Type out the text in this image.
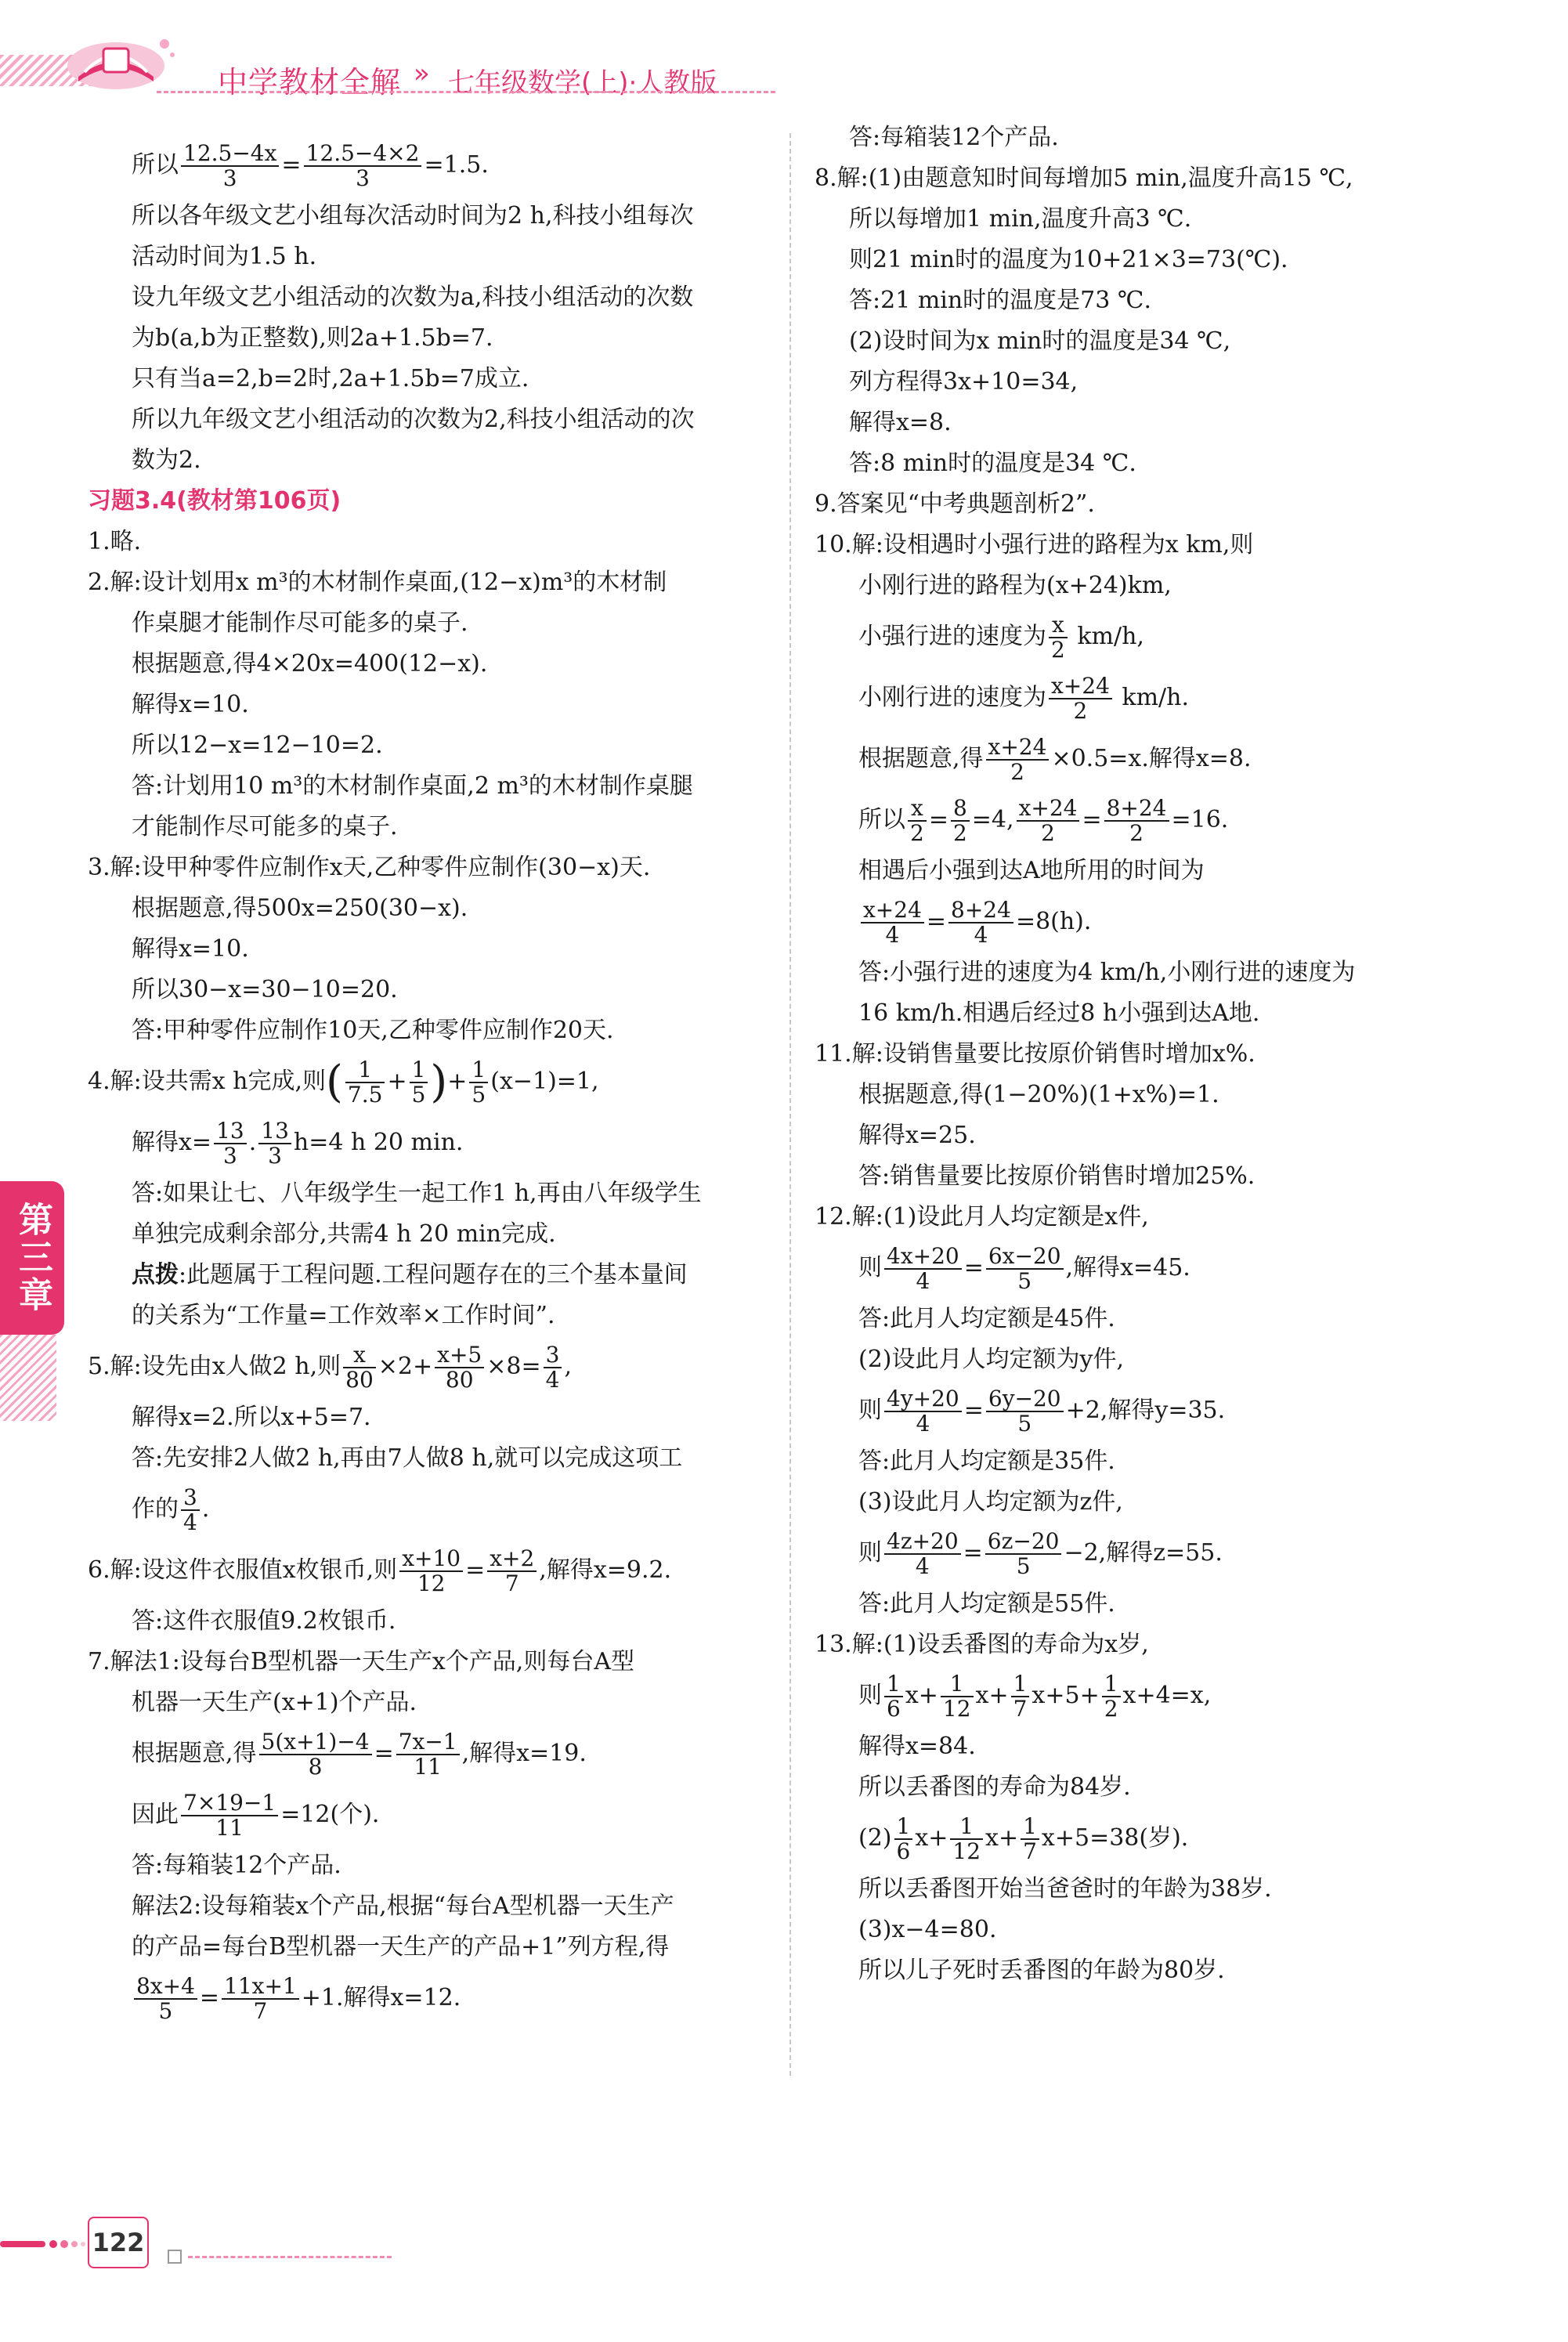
中学教材全解 » 七年级数学(上)·人教版
第三章
所以 $\frac{12.5-4x}{3} = \frac{12.5-4\times 2}{3} =1.5$.
所以各年级文艺小组每次活动时间为2 h,科技小组每次
活动时间为1.5 h.
设九年级文艺小组活动的次数为a,科技小组活动的次数
为b(a,b为正整数),则2a+1.5b=7.
只有当a=2,b=2时,2a+1.5b=7成立.
所以九年级文艺小组活动的次数为2,科技小组活动的次
数为2.
习题3.4(教材第106页)
1.略.
2.解:设计划用x m³的木材制作桌面,(12−x)m³的木材制
作桌腿才能制作尽可能多的桌子.
根据题意,得4×20x=400(12−x).
解得x=10.
所以12−x=12−10=2.
答:计划用10 m³的木材制作桌面,2 m³的木材制作桌腿
才能制作尽可能多的桌子.
3.解:设甲种零件应制作x天,乙种零件应制作(30−x)天.
根据题意,得500x=250(30−x).
解得x=10.
所以30−x=30−10=20.
答:甲种零件应制作10天,乙种零件应制作20天.
4.解:设共需x h完成,则( $\frac{1}{7.5} + \frac{1}{5}$ )+ $\frac{1}{5} (x-1)=1$,
解得$x= \frac{13}{3}$ . $\frac{13}{3} h=4$ h 20 min.
答:如果让七、八年级学生一起工作1 h,再由八年级学生
单独完成剩余部分,共需4 h 20 min完成.
点拨:此题属于工程问题.工程问题存在的三个基本量间
的关系为“工作量=工作效率×工作时间”.
5.解:设先由x人做2 h,则 $\frac{x}{80} \times 2+ \frac{x+5}{80} \times 8= \frac{3}{4}$ ,
解得x=2.所以x+5=7.
答:先安排2人做2 h,再由7人做8 h,就可以完成这项工
作的 $\frac{3}{4}$ .
6.解:设这件衣服值x枚银币,则 $\frac{x+10}{12} = \frac{x+2}{7}$ ,解得x=9.2.
答:这件衣服值9.2枚银币.
7.解法1:设每台B型机器一天生产x个产品,则每台A型
机器一天生产(x+1)个产品.
根据题意,得 $\frac{5(x+1)-4}{8} = \frac{7x-1}{11}$ ,解得x=19.
因此 $\frac{7\times 19-1}{11} =12$(个).
答:每箱装12个产品.
解法2:设每箱装x个产品,根据“每台A型机器一天生产
的产品=每台B型机器一天生产的产品+1”列方程,得
$\frac{8x+4}{5} = \frac{11x+1}{7} +1$.解得x=12.
答:每箱装12个产品.
8.解:(1)由题意知时间每增加5 min,温度升高15 ℃,
所以每增加1 min,温度升高3 ℃.
则21 min时的温度为10+21×3=73(℃).
答:21 min时的温度是73 ℃.
(2)设时间为x min时的温度是34 ℃,
列方程得3x+10=34,
解得x=8.
答:8 min时的温度是34 ℃.
9.答案见“中考典题剖析2”.
10.解:设相遇时小强行进的路程为x km,则
小刚行进的路程为(x+24)km,
小强行进的速度为 $\frac{x}{2} km/h$,
小刚行进的速度为 $\frac{x+24}{2} km/h$.
根据题意,得 $\frac{x+24}{2} \times 0.5=x$.解得x=8.
所以 $\frac{x}{2} = \frac{8}{2} =4$, $\frac{x+24}{2} = \frac{8+24}{2} =16$.
相遇后小强到达A地所用的时间为
$\frac{x+24}{4} = \frac{8+24}{4} =8(h)$.
答:小强行进的速度为4 km/h,小刚行进的速度为
16 km/h.相遇后经过8 h小强到达A地.
11.解:设销售量要比按原价销售时增加x%.
根据题意,得(1−20%)(1+x%)=1.
解得x=25.
答:销售量要比按原价销售时增加25%.
12.解:(1)设此月人均定额是x件,
则 $\frac{4x+20}{4} = \frac{6x-20}{5}$ ,解得x=45.
答:此月人均定额是45件.
(2)设此月人均定额为y件,
则 $\frac{4y+20}{4} = \frac{6y-20}{5} +2$,解得y=35.
答:此月人均定额是35件.
(3)设此月人均定额为z件,
则 $\frac{4z+20}{4} = \frac{6z-20}{5} -2$,解得z=55.
答:此月人均定额是55件.
13.解:(1)设丢番图的寿命为x岁,
则 $\frac{1}{6} x+ \frac{1}{12} x+ \frac{1}{7} x+5+ \frac{1}{2} x+4=x$,
解得x=84.
所以丢番图的寿命为84岁.
$(2) \frac{1}{6} x+ \frac{1}{12} x+ \frac{1}{7} x+5=38$(岁).
所以丢番图开始当爸爸时的年龄为38岁.
(3)x−4=80.
所以儿子死时丢番图的年龄为80岁.
122
